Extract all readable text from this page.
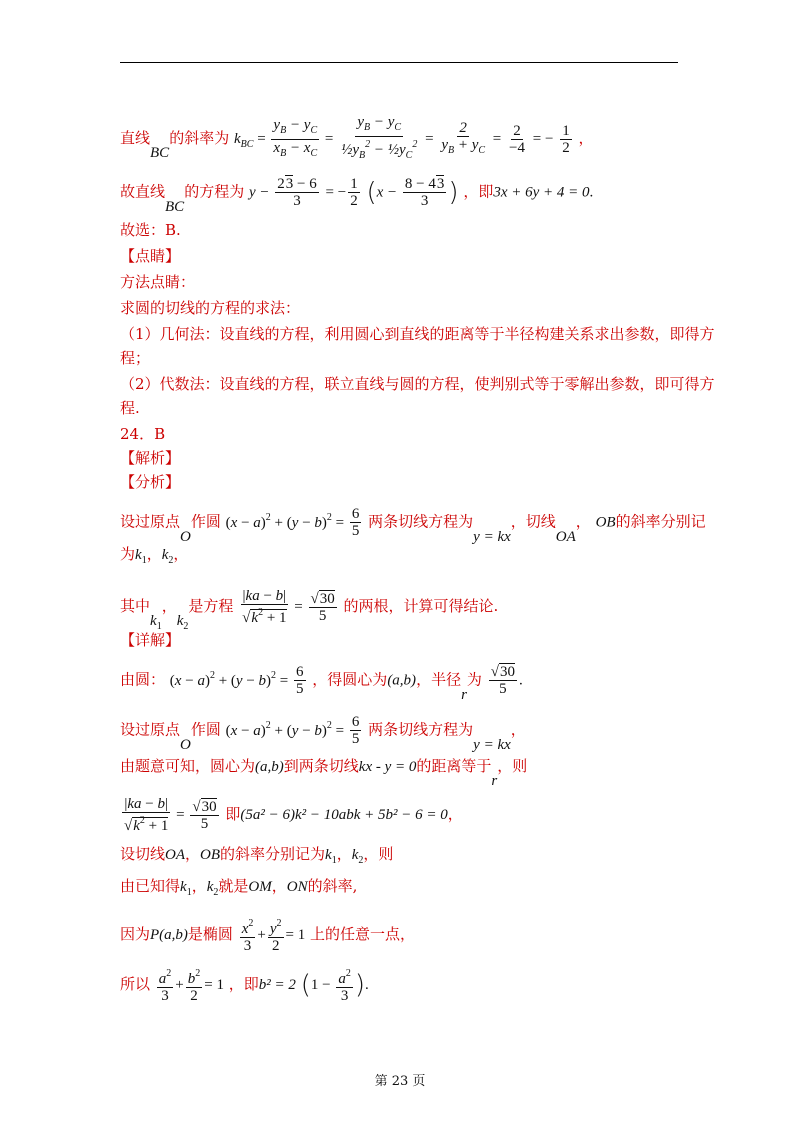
直线BC的斜率为 $k_{BC} = \frac{y_B - y_C}{x_B - x_C} = \frac{y_B - y_C}{\frac{1}{2}y_B^2 - \frac{1}{2}y_C^2} = \frac{2}{y_B + y_C} = \frac{2}{-4}$ = − $\frac{1}{2}$ ，
故直线BC的方程为 $y - \frac{23 - 6}{3}$ = − $\frac{1}{2} (x - \frac{8 - 43}{3}$ ) ，即3x + 6y + 4 = 0.
故选：B.
【点睛】
方法点睛：
求圆的切线的方程的求法：
（1）几何法：设直线的方程，利用圆心到直线的距离等于半径构建关系求出参数，即得方
程；
（2）代数法：设直线的方程，联立直线与圆的方程，使判别式等于零解出参数，即可得方
程.
24．B
【解析】
【分析】
设过原点O作圆 $(x - a)^2 + (y - b)^2 = \frac{6}{5}$ 两条切线方程为y = kx，切线OA， OB的斜率分别记
为$k_1$，$k_2$，
其中$k_1$，$k_2$是方程 $\frac{|ka - b|}{√k^2 + 1} = \frac{√30}{5}$ 的两根，计算可得结论.
【详解】
由圆： $(x - a)^2 + (y - b)^2 = \frac{6}{5}$ ，得圆心为(a,b)，半径r为 $\frac{√30}{5}$ .
设过原点O作圆 $(x - a)^2 + (y - b)^2 = \frac{6}{5}$ 两条切线方程为y = kx，
由题意可知，圆心为(a,b)到两条切线kx - y = 0的距离等于r，则
$\frac{|ka - b|}{√k^2 + 1} = \frac{√30}{5}$ 即(5a² − 6)k² − 10abk + 5b² − 6 = 0，
设切线OA，OB的斜率分别记为$k_1$，$k_2$，则
由已知得$k_1$，$k_2$就是OM，ON的斜率,
因为P(a,b)是椭圆 $\frac{x^2}{3} + \frac{y^2}{2} = 1$ 上的任意一点，
所以 $\frac{a^2}{3} + \frac{b^2}{2} = 1$ ，即b² = 2 ($1 - \frac{a^2}{3}$ ).
第 23 页
